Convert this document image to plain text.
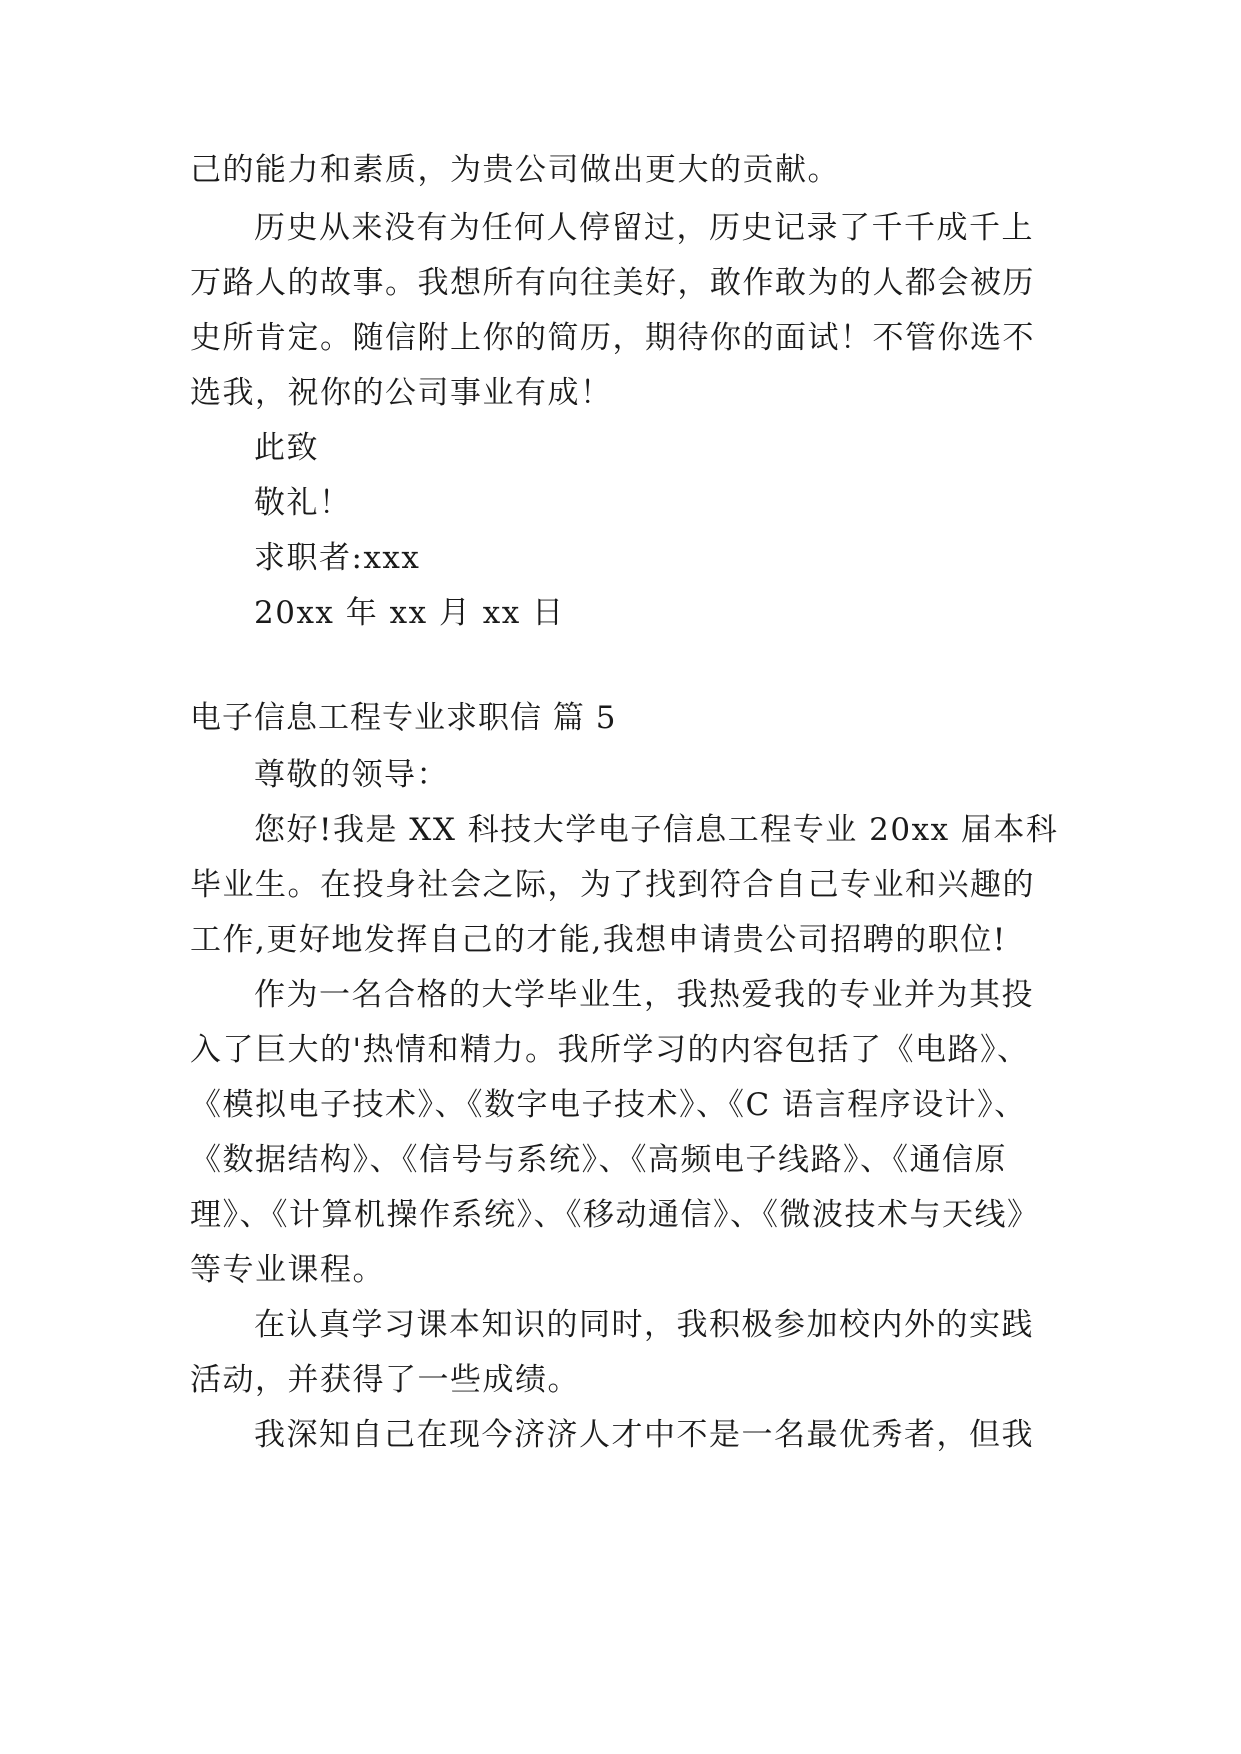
己的能力和素质，为贵公司做出更大的贡献。
历史从来没有为任何人停留过，历史记录了千千成千上
万路人的故事。我想所有向往美好，敢作敢为的人都会被历
史所肯定。随信附上你的简历，期待你的面试！不管你选不
选我，祝你的公司事业有成！
此致
敬礼！
求职者:xxx
20xx 年 xx 月 xx 日
电子信息工程专业求职信 篇 5
尊敬的领导：
您好!我是 XX 科技大学电子信息工程专业 20xx 届本科
毕业生。在投身社会之际，为了找到符合自己专业和兴趣的
工作,更好地发挥自己的才能,我想申请贵公司招聘的职位!
作为一名合格的大学毕业生，我热爱我的专业并为其投
入了巨大的'热情和精力。我所学习的内容包括了《电路》、
《模拟电子技术》、《数字电子技术》、《C 语言程序设计》、
《数据结构》、《信号与系统》、《高频电子线路》、《通信原
理》、《计算机操作系统》、《移动通信》、《微波技术与天线》
等专业课程。
在认真学习课本知识的同时，我积极参加校内外的实践
活动，并获得了一些成绩。
我深知自己在现今济济人才中不是一名最优秀者，但我
